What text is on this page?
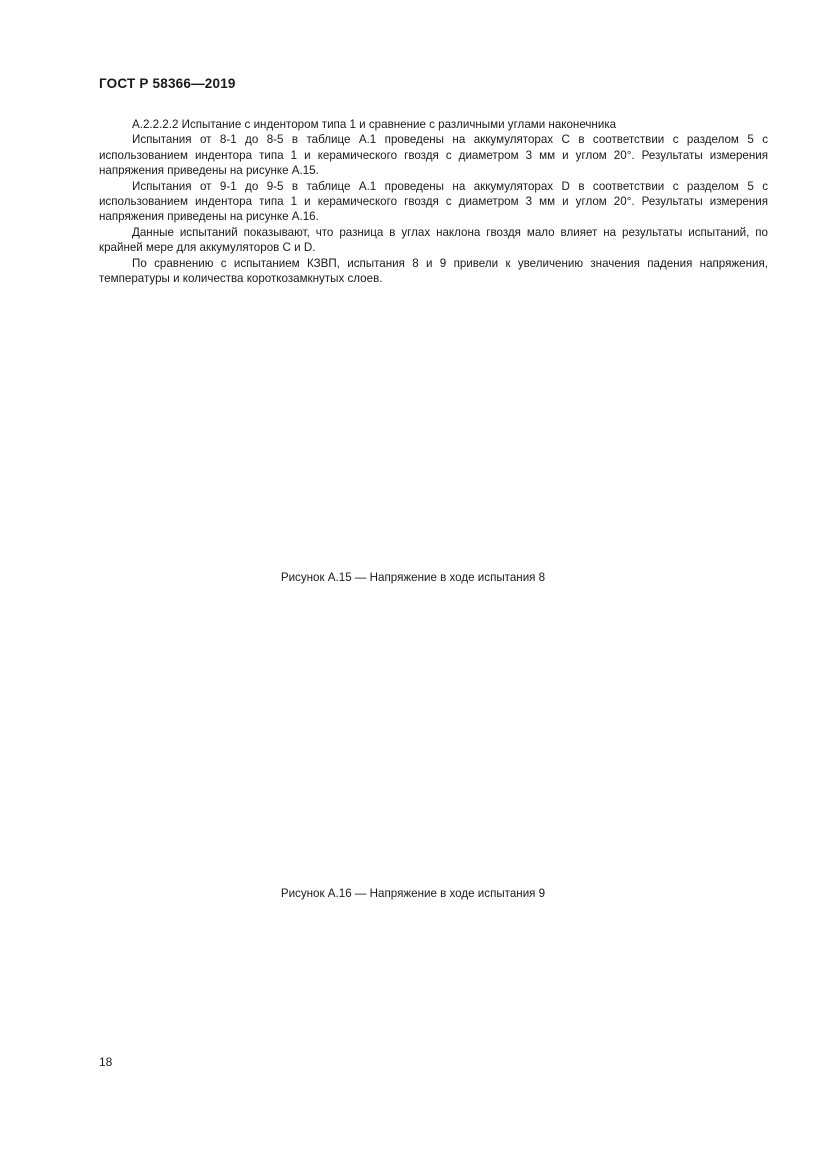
ГОСТ Р 58366—2019

А.2.2.2.2 Испытание с индентором типа 1 и сравнение с различными углами наконечника

Испытания от 8-1 до 8-5 в таблице А.1 проведены на аккумуляторах С в соответствии с разделом 5 с использованием индентора типа 1 и керамического гвоздя с диаметром 3 мм и углом 20°. Результаты измерения напряжения приведены на рисунке А.15.

Испытания от 9-1 до 9-5 в таблице А.1 проведены на аккумуляторах D в соответствии с разделом 5 с использованием индентора типа 1 и керамического гвоздя с диаметром 3 мм и углом 20°. Результаты измерения напряжения приведены на рисунке А.16.

Данные испытаний показывают, что разница в углах наклона гвоздя мало влияет на результаты испытаний, по крайней мере для аккумуляторов С и D.

По сравнению с испытанием КЗВП, испытания 8 и 9 привели к увеличению значения падения напряжения, температуры и количества короткозамкнутых слоев.

Рисунок А.15 — Напряжение в ходе испытания 8

Рисунок А.16 — Напряжение в ходе испытания 9

18
